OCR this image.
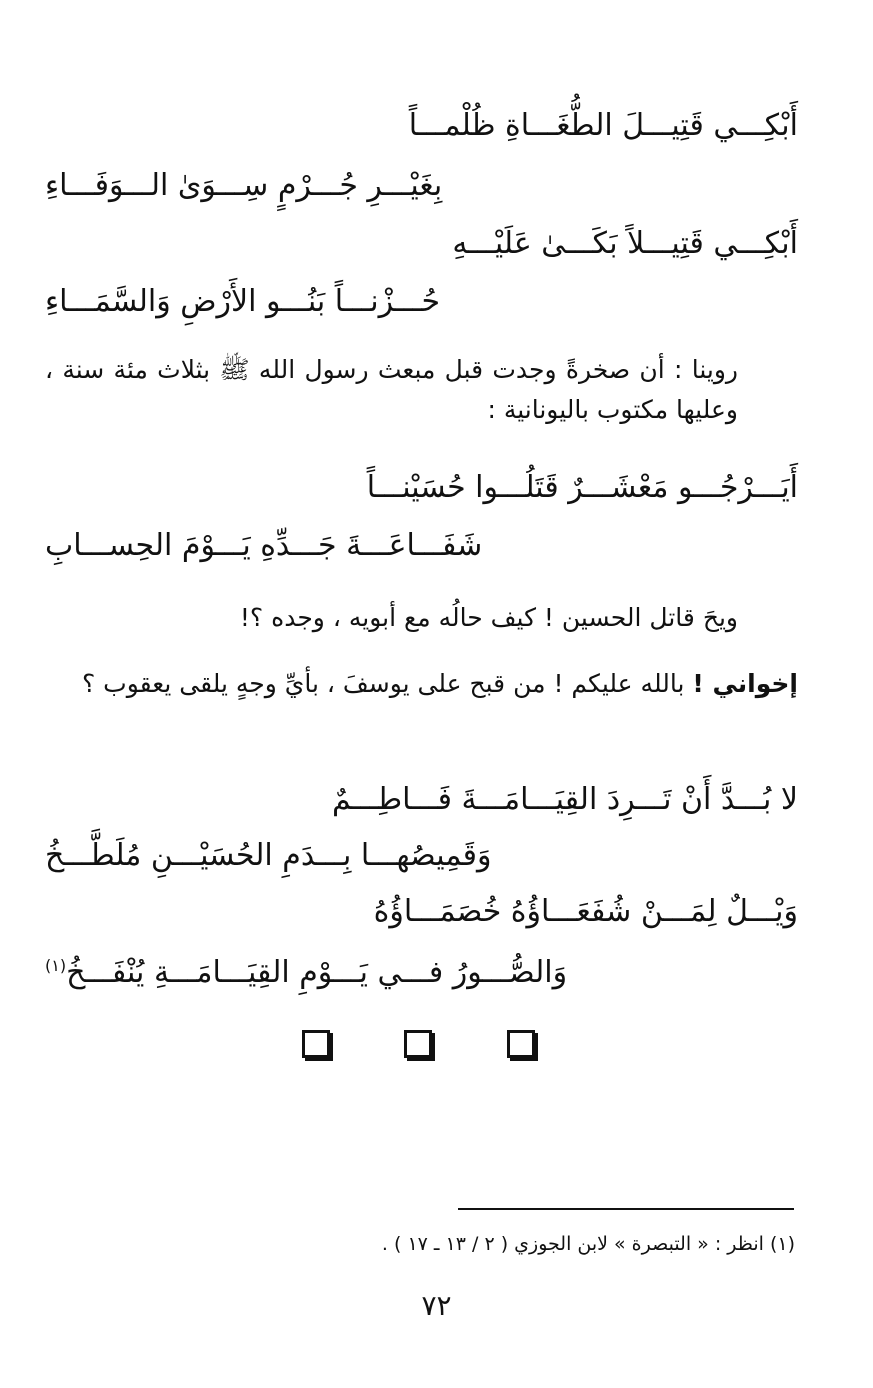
أَبْكِـــي قَتِيـــلَ الطُّغَـــاةِ ظُلْمـــاً
بِغَيْـــرِ جُـــرْمٍ سِـــوَىٰ الـــوَفَـــاءِ
أَبْكِـــي قَتِيـــلاً بَكَـــىٰ عَلَيْـــهِ
حُـــزْنـــاً بَنُـــو الأَرْضِ وَالسَّمَـــاءِ
روينا : أن صخرةً وجدت قبل مبعث رسول الله ﷺ بثلاث مئة سنة ، وعليها مكتوب باليونانية :
أَيَـــرْجُـــو مَعْشَـــرٌ قَتَلُـــوا حُسَيْنـــاً
شَفَـــاعَـــةَ جَـــدِّهِ يَـــوْمَ الحِســـابِ
ويحَ قاتل الحسين ! كيف حالُه مع أبويه ، وجده ؟!
إخواني ! بالله عليكم ! من قبح على يوسفَ ، بأيِّ وجهٍ يلقى يعقوب ؟
لا بُـــدَّ أَنْ تَـــرِدَ القِيَـــامَـــةَ فَـــاطِـــمٌ
وَقَمِيصُهـــا بِـــدَمِ الحُسَيْـــنِ مُلَطَّـــخُ
وَيْـــلٌ لِمَـــنْ شُفَعَـــاؤُهُ خُصَمَـــاؤُهُ
وَالصُّـــورُ فـــي يَـــوْمِ القِيَـــامَـــةِ يُنْفَـــخُ$^{(١)}$
(١) انظر : « التبصرة » لابن الجوزي ( ٢ / ١٣ ـ ١٧ ) .
٧٢
